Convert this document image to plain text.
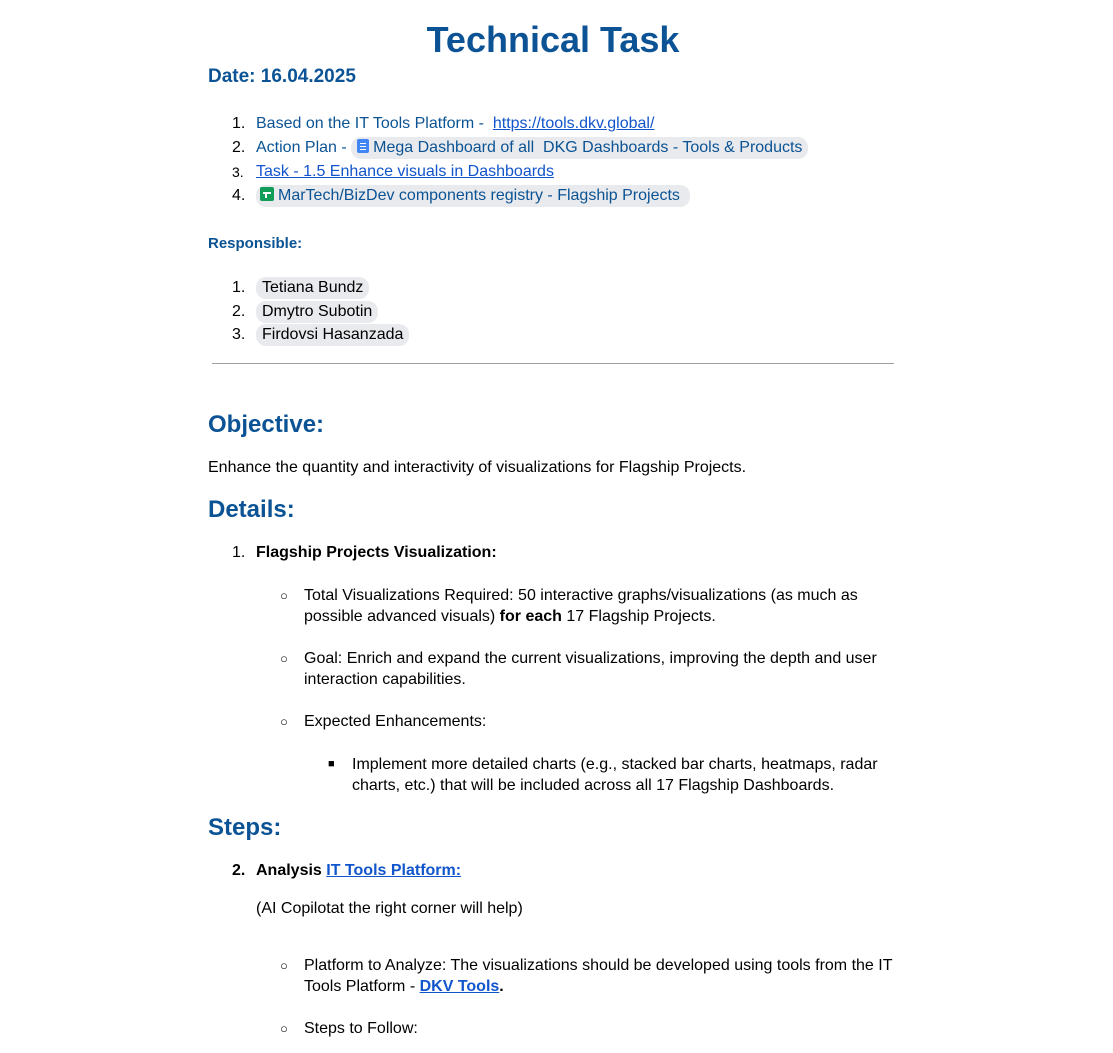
Technical Task

Date: 16.04.2025

1. Based on the IT Tools Platform -  https://tools.dkv.global/
2. Action Plan - Mega Dashboard of all  DKG Dashboards - Tools & Products
3. Task - 1.5 Enhance visuals in Dashboards
4.	MarTech/BizDev components registry - Flagship Projects

Responsible:

1.	Tetiana Bundz
2.	Dmytro Subotin
3.	Firdovsi Hasanzada
Objective:

Enhance the quantity and interactivity of visualizations for Flagship Projects.

Details:
1. Flagship Projects Visualization:
○	Total Visualizations Required: 50 interactive graphs/visualizations (as much as
possible advanced visuals) for each 17 Flagship Projects.
○	Goal: Enrich and expand the current visualizations, improving the depth and user
interaction capabilities.
○	Expected Enhancements:
■	Implement more detailed charts (e.g., stacked bar charts, heatmaps, radar
charts, etc.) that will be included across all 17 Flagship Dashboards.
Steps:
2. Analysis IT Tools Platform:

(AI Copilotat the right corner will help)

○	Platform to Analyze: The visualizations should be developed using tools from the IT
Tools Platform - DKV Tools.
○	Steps to Follow:
